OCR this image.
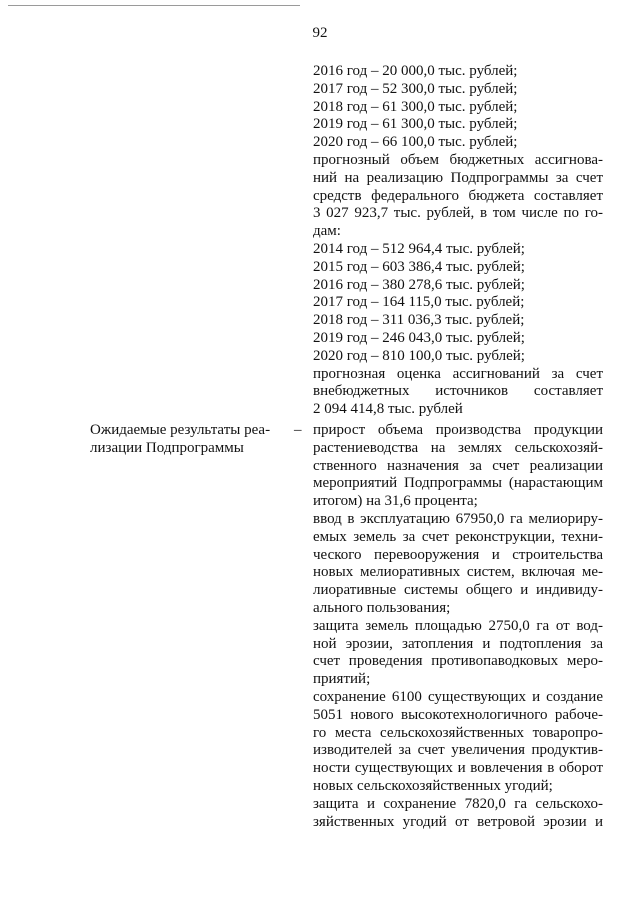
92
2016 год – 20 000,0 тыс. рублей;
2017 год – 52 300,0 тыс. рублей;
2018 год – 61 300,0 тыс. рублей;
2019 год – 61 300,0 тыс. рублей;
2020 год – 66 100,0 тыс. рублей;
прогнозный объем бюджетных ассигнова-
ний на реализацию Подпрограммы за счет
средств федерального бюджета составляет
3 027 923,7 тыс. рублей, в том числе по го-
дам:
2014 год – 512 964,4 тыс. рублей;
2015 год – 603 386,4 тыс. рублей;
2016 год – 380 278,6 тыс. рублей;
2017 год – 164 115,0 тыс. рублей;
2018 год – 311 036,3 тыс. рублей;
2019 год – 246 043,0 тыс. рублей;
2020 год – 810 100,0 тыс. рублей;
прогнозная оценка ассигнований за счет
внебюджетных источников составляет
2 094 414,8 тыс. рублей
Ожидаемые результаты реа-
лизации Подпрограммы
– прирост объема производства продукции
растениеводства на землях сельскохозяй-
ственного назначения за счет реализации
мероприятий Подпрограммы (нарастающим
итогом) на 31,6 процента;
ввод в эксплуатацию 67950,0 га мелиориру-
емых земель за счет реконструкции, техни-
ческого перевооружения и строительства
новых мелиоративных систем, включая ме-
лиоративные системы общего и индивиду-
ального пользования;
защита земель площадью 2750,0 га от вод-
ной эрозии, затопления и подтопления за
счет проведения противопаводковых меро-
приятий;
сохранение 6100 существующих и создание
5051 нового высокотехнологичного рабоче-
го места сельскохозяйственных товаропро-
изводителей за счет увеличения продуктив-
ности существующих и вовлечения в оборот
новых сельскохозяйственных угодий;
защита и сохранение 7820,0 га сельскохо-
зяйственных угодий от ветровой эрозии и
